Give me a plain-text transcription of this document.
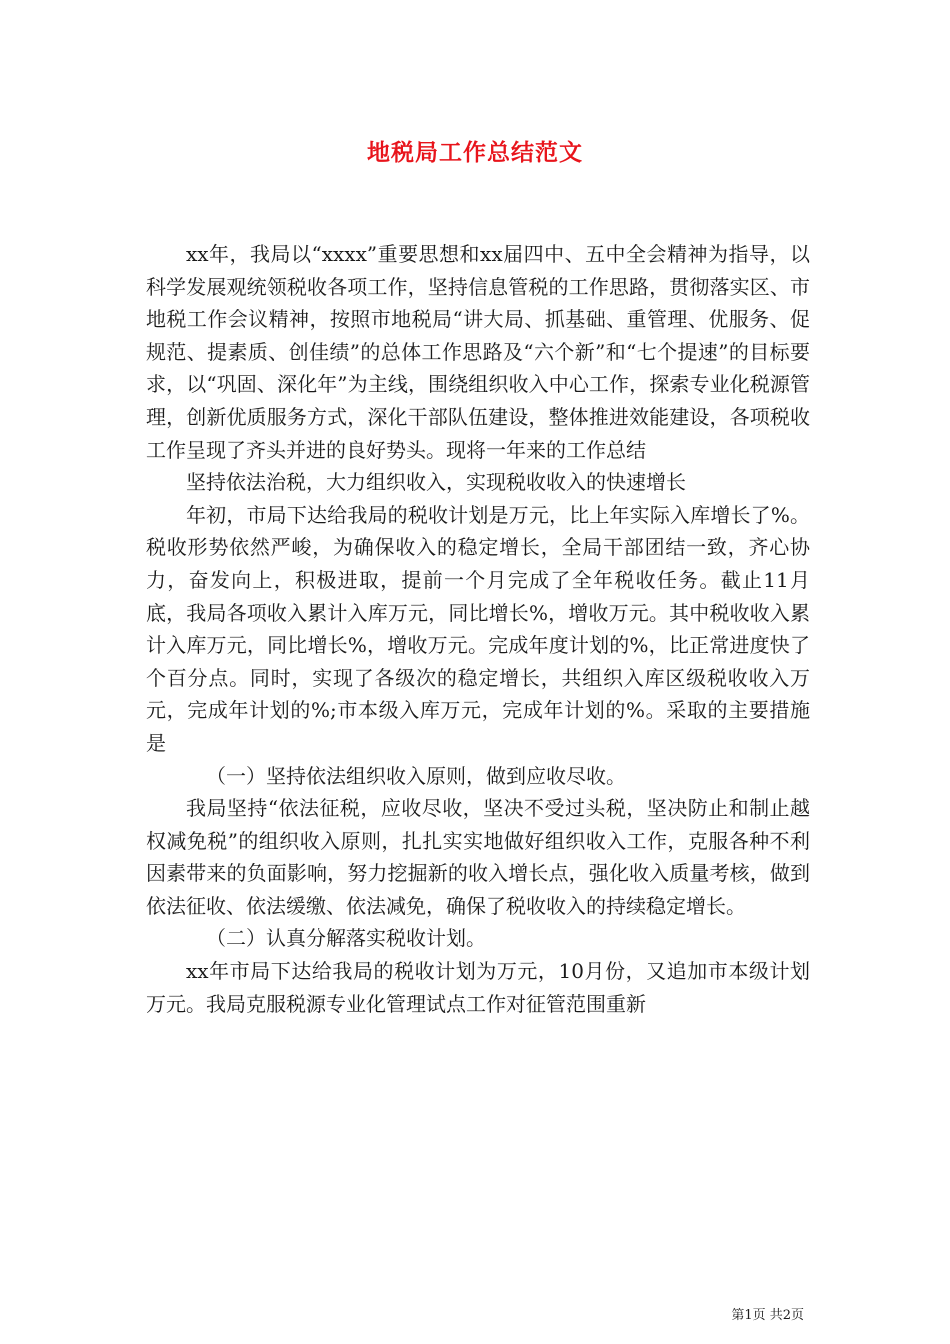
地税局工作总结范文

xx年，我局以“xxxx”重要思想和xx届四中、五中全会精神为指导，以科学发展观统领税收各项工作，坚持信息管税的工作思路，贯彻落实区、市地税工作会议精神，按照市地税局“讲大局、抓基础、重管理、优服务、促规范、提素质、创佳绩”的总体工作思路及“六个新”和“七个提速”的目标要求，以“巩固、深化年”为主线，围绕组织收入中心工作，探索专业化税源管理，创新优质服务方式，深化干部队伍建设，整体推进效能建设，各项税收工作呈现了齐头并进的良好势头。现将一年来的工作总结

坚持依法治税，大力组织收入，实现税收收入的快速增长

年初，市局下达给我局的税收计划是万元，比上年实际入库增长了%。税收形势依然严峻，为确保收入的稳定增长，全局干部团结一致，齐心协力，奋发向上，积极进取，提前一个月完成了全年税收任务。截止11月底，我局各项收入累计入库万元，同比增长%，增收万元。其中税收收入累计入库万元，同比增长%，增收万元。完成年度计划的%，比正常进度快了个百分点。同时，实现了各级次的稳定增长，共组织入库区级税收收入万元，完成年计划的%;市本级入库万元，完成年计划的%。采取的主要措施是

（一）坚持依法组织收入原则，做到应收尽收。

我局坚持“依法征税，应收尽收，坚决不受过头税，坚决防止和制止越权减免税”的组织收入原则，扎扎实实地做好组织收入工作，克服各种不利因素带来的负面影响，努力挖掘新的收入增长点，强化收入质量考核，做到依法征收、依法缓缴、依法减免，确保了税收收入的持续稳定增长。

（二）认真分解落实税收计划。

xx年市局下达给我局的税收计划为万元，10月份，又追加市本级计划万元。我局克服税源专业化管理试点工作对征管范围重新

第1页 共2页
